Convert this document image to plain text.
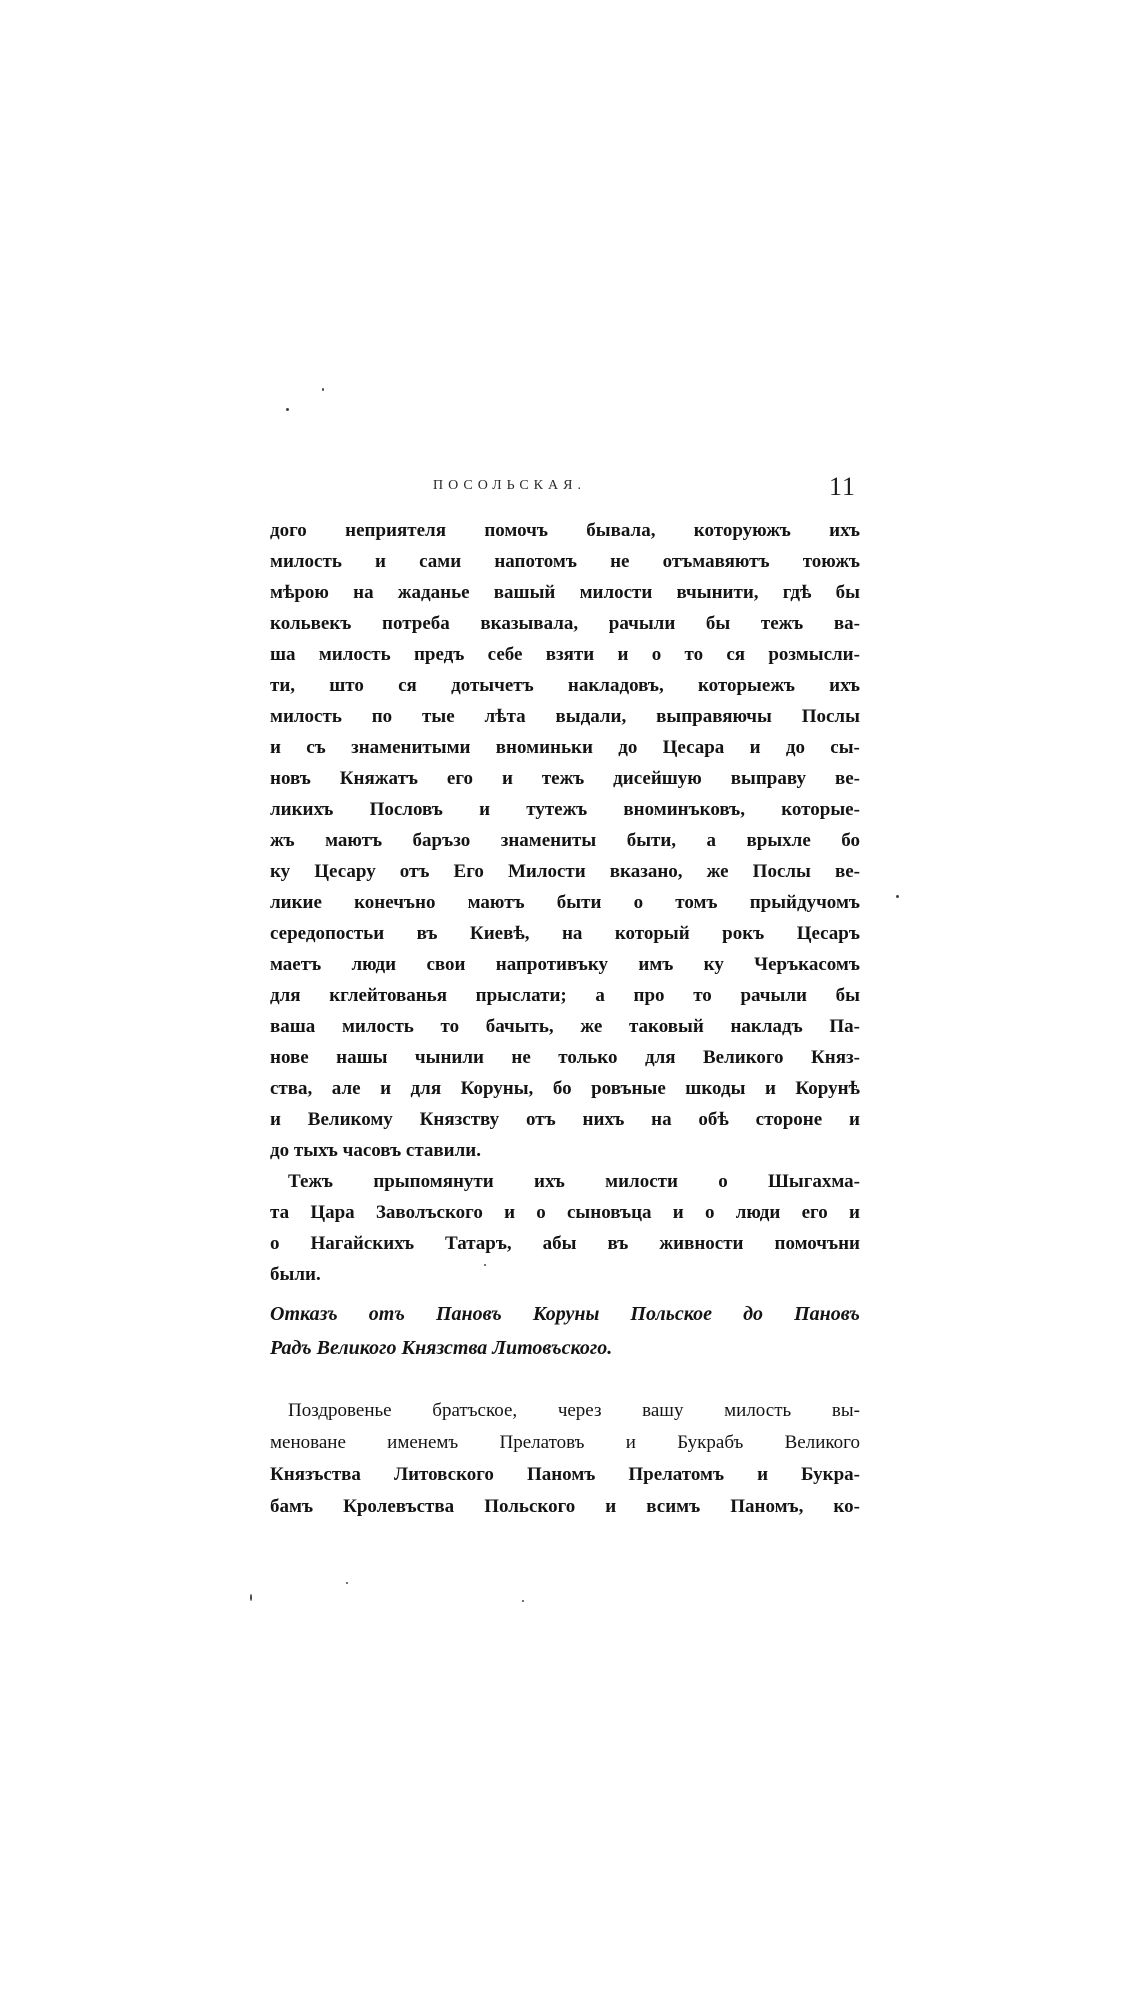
ПОСОЛЬСКАЯ.	11
дого неприятеля помочъ бывала, которуюжъ ихъ
милость и сами напотомъ не отъмавяютъ тоюжъ
мѣрою на жаданье вашый милости вчынити, гдѣ бы
кольвекъ потреба вказывала, рачыли бы тежъ ва-
ша милость предъ себе взяти и о то ся розмысли-
ти, што ся дотычетъ накладовъ, которыежъ ихъ
милость по тые лѣта выдали, выправяючы Послы
и съ знаменитыми вноминьки до Цесара и до сы-
новъ Княжатъ его и тежъ дисейшую выправу ве-
ликихъ Пословъ и тутежъ вноминъковъ, которые-
жъ маютъ баръзо знамениты быти, а врыхле бо
ку Цесару отъ Его Милости вказано, же Послы ве-
ликие конечъно маютъ быти о томъ прыйдучомъ
середопостьи въ Киевѣ, на который рокъ Цесаръ
маетъ люди свои напротивъку имъ ку Черъкасомъ
для кглейтованья прыслати; а про то рачыли бы
ваша милость то бачыть, же таковый накладъ Па-
нове нашы чынили не только для Великого Княз-
ства, але и для Коруны, бо ровъные шкоды и Корунѣ
и Великому Князству отъ нихъ на обѣ стороне и
до тыхъ часовъ ставили.
Тежъ прыпомянути ихъ милости о Шыгахма-
та Цара Заволъского и о сыновъца и о люди его и
о Нагайскихъ Татаръ, абы въ живности помочъни
были.
Отказъ отъ Пановъ Коруны Польское до Пановъ
Радъ Великого Князства Литовъского.
Поздровенье братъское, через вашу милость вы-
меноване именемъ Прелатовъ и Букрабъ Великого
Князъства Литовского Паномъ Прелатомъ и Букра-
бамъ Кролевъства Польского и всимъ Паномъ, ко-
